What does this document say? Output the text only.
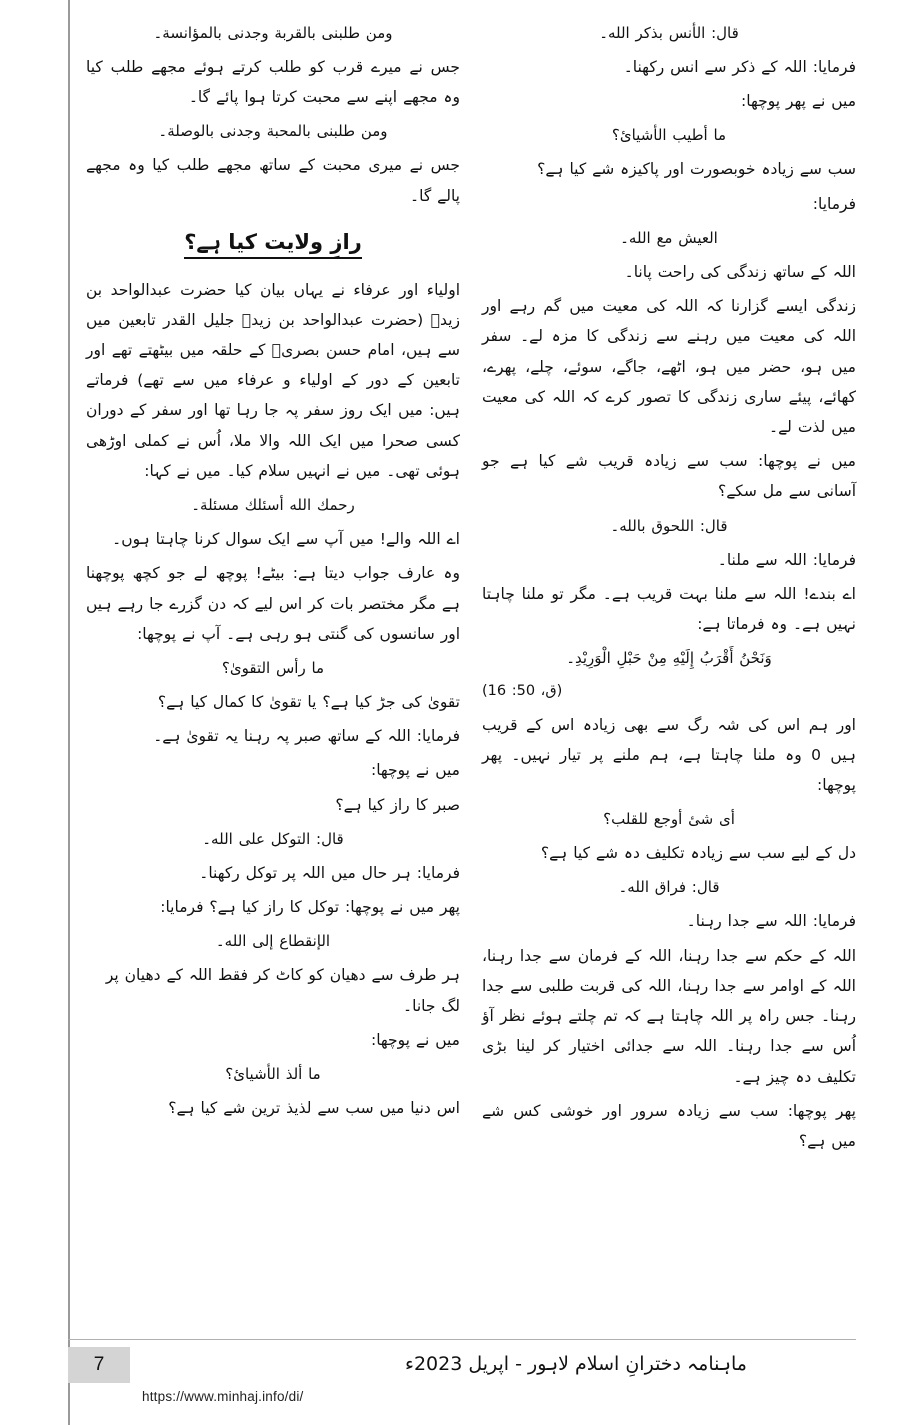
ومن طلبنی بالقربة وجدنی بالمؤانسة۔

جس نے میرے قرب کو طلب کرتے ہوئے مجھے طلب کیا وہ مجھے اپنے سے محبت کرتا ہوا پائے گا۔

ومن طلبنی بالمحبة وجدنی بالوصلة۔

جس نے میری محبت کے ساتھ مجھے طلب کیا وہ مجھے پالے گا۔

رازِ ولایت کیا ہے؟

اولیاء اور عرفاء نے یہاں بیان کیا حضرت عبدالواحد بن زیدؒ (حضرت عبدالواحد بن زیدؒ جلیل القدر تابعین میں سے ہیں، امام حسن بصریؒ کے حلقہ میں بیٹھتے تھے اور تابعین کے دور کے اولیاء و عرفاء میں سے تھے) فرماتے ہیں: میں ایک روز سفر پہ جا رہا تھا اور سفر کے دوران کسی صحرا میں ایک اللہ والا ملا، اُس نے کملی اوڑھی ہوئی تھی۔ میں نے انہیں سلام کیا۔ میں نے کہا:

رحمك الله أسئلك مسئلة۔

اے اللہ والے! میں آپ سے ایک سوال کرنا چاہتا ہوں۔

وہ عارف جواب دیتا ہے: بیٹے! پوچھ لے جو کچھ پوچھنا ہے مگر مختصر بات کر اس لیے کہ دن گزرے جا رہے ہیں اور سانسوں کی گنتی ہو رہی ہے۔ آپ نے پوچھا:

ما رأس التقویٰ؟

تقویٰ کی جڑ کیا ہے؟ یا تقویٰ کا کمال کیا ہے؟

فرمایا: اللہ کے ساتھ صبر پہ رہنا یہ تقویٰ ہے۔

میں نے پوچھا:

صبر کا راز کیا ہے؟

قال: التوكل علی الله۔

فرمایا: ہر حال میں اللہ پر توکل رکھنا۔

پھر میں نے پوچھا: توکل کا راز کیا ہے؟ فرمایا:

الإنقطاع إلی الله۔

ہر طرف سے دھیان کو کاٹ کر فقط اللہ کے دھیان پر لگ جانا۔

میں نے پوچھا:

ما ألذ الأشیائ؟

اس دنیا میں سب سے لذیذ ترین شے کیا ہے؟

قال: الأنس بذكر الله۔

فرمایا: اللہ کے ذکر سے انس رکھنا۔

میں نے پھر پوچھا:

ما أطیب الأشیائ؟

سب سے زیادہ خوبصورت اور پاکیزہ شے کیا ہے؟

فرمایا:

العیش مع الله۔

اللہ کے ساتھ زندگی کی راحت پانا۔

زندگی ایسے گزارنا کہ اللہ کی معیت میں گم رہے اور اللہ کی معیت میں رہنے سے زندگی کا مزہ لے۔ سفر میں ہو، حضر میں ہو، اٹھے، جاگے، سوئے، چلے، پھرے، کھائے، پیئے ساری زندگی کا تصور کرے کہ اللہ کی معیت میں لذت لے۔

میں نے پوچھا: سب سے زیادہ قریب شے کیا ہے جو آسانی سے مل سکے؟

قال: اللحوق بالله۔

فرمایا: اللہ سے ملنا۔

اے بندے! اللہ سے ملنا بہت قریب ہے۔ مگر تو ملنا چاہتا نہیں ہے۔ وہ فرماتا ہے:

وَنَحْنُ أَقْرَبُ إِلَيْهِ مِنْ حَبْلِ الْوَرِيْدِ۔

(ق، 50: 16)

اور ہم اس کی شہ رگ سے بھی زیادہ اس کے قریب ہیں 0 وہ ملنا چاہتا ہے، ہم ملنے پر تیار نہیں۔ پھر پوچھا:

أی شیٔ أوجع للقلب؟

دل کے لیے سب سے زیادہ تکلیف دہ شے کیا ہے؟

قال: فراق الله۔

فرمایا: اللہ سے جدا رہنا۔

اللہ کے حکم سے جدا رہنا، اللہ کے فرمان سے جدا رہنا، اللہ کے اوامر سے جدا رہنا، اللہ کی قربت طلبی سے جدا رہنا۔ جس راہ پر اللہ چاہتا ہے کہ تم چلتے ہوئے نظر آؤ اُس سے جدا رہنا۔ اللہ سے جدائی اختیار کر لینا بڑی تکلیف دہ چیز ہے۔

پھر پوچھا: سب سے زیادہ سرور اور خوشی کس شے میں ہے؟

7	ماہنامہ دخترانِ اسلام لاہور - اپریل 2023ء
https://www.minhaj.info/di/
